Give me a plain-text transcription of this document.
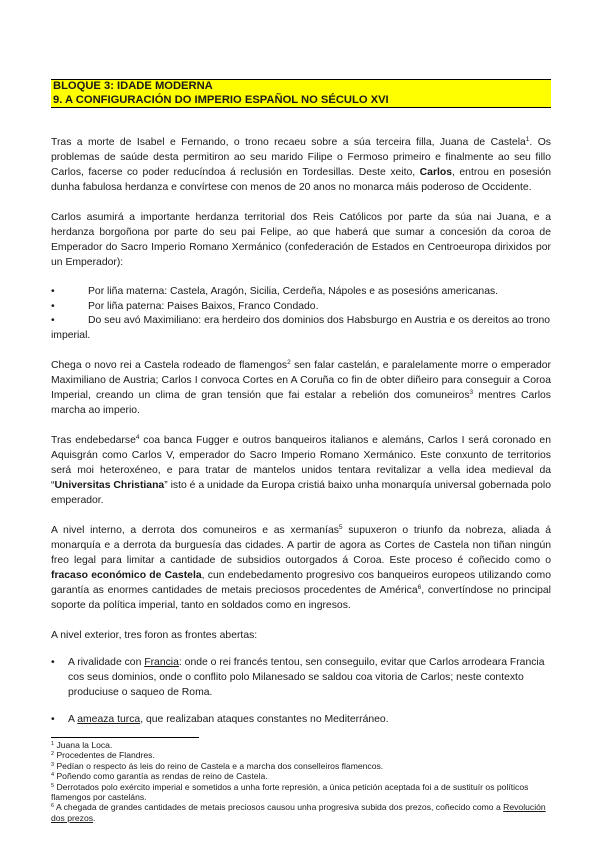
BLOQUE 3: IDADE MODERNA
9. A CONFIGURACIÓN DO IMPERIO ESPAÑOL NO SÉCULO XVI

Tras a morte de Isabel e Fernando, o trono recaeu sobre a súa terceira filla, Juana de Castela$^1$. Os problemas de saúde desta permitiron ao seu marido Filipe o Fermoso primeiro e finalmente ao seu fillo Carlos, facerse co poder reducíndoa á reclusión en Tordesillas. Deste xeito, Carlos, entrou en posesión dunha fabulosa herdanza e convírtese con menos de 20 anos no monarca máis poderoso de Occidente.

Carlos asumirá a importante herdanza territorial dos Reis Católicos por parte da súa nai Juana, e a herdanza borgoñona por parte do seu pai Felipe, ao que haberá que sumar a concesión da coroa de Emperador do Sacro Imperio Romano Xermánico (confederación de Estados en Centroeuropa dirixidos por un Emperador):

•	Por liña materna: Castela, Aragón, Sicilia, Cerdeña, Nápoles e as posesións americanas.
•	Por liña paterna: Paises Baixos, Franco Condado.
•	Do seu avó Maximiliano: era herdeiro dos dominios dos Habsburgo en Austria e os dereitos ao trono imperial.

Chega o novo rei a Castela rodeado de flamengos$^2$ sen falar castelán, e paralelamente morre o emperador Maximiliano de Austria; Carlos I convoca Cortes en A Coruña co fin de obter diñeiro para conseguir a Coroa Imperial, creando un clima de gran tensión que fai estalar a rebelión dos comuneiros$^3$ mentres Carlos marcha ao imperio.

Tras endebedarse$^4$ coa banca Fugger e outros banqueiros italianos e alemáns, Carlos I será coronado en Aquisgrán como Carlos V, emperador do Sacro Imperio Romano Xermánico. Este conxunto de territorios será moi heteroxéneo, e para tratar de mantelos unidos tentara revitalizar a vella idea medieval da “Universitas Christiana” isto é a unidade da Europa cristiá baixo unha monarquía universal gobernada polo emperador.

A nivel interno, a derrota dos comuneiros e as xermanías$^5$ supuxeron o triunfo da nobreza, aliada á monarquía e a derrota da burguesía das cidades. A partir de agora as Cortes de Castela non tiñan ningún freo legal para limitar a cantidade de subsidios outorgados á Coroa. Este proceso é coñecido como o fracaso económico de Castela, cun endebedamento progresivo cos banqueiros europeos utilizando como garantía as enormes cantidades de metais preciosos procedentes de América$^6$, convertíndose no principal soporte da política imperial, tanto en soldados como en ingresos.

A nivel exterior, tres foron as frontes abertas:

•	A rivalidade con Francia: onde o rei francés tentou, sen conseguilo, evitar que Carlos arrodeara Francia cos seus dominios, onde o conflito polo Milanesado se saldou coa vitoria de Carlos; neste contexto produciuse o saqueo de Roma.
•	A ameaza turca, que realizaban ataques constantes no Mediterráneo.
$^1$ Juana la Loca.
$^2$ Procedentes de Flandres.
$^3$ Pedían o respecto ás leis do reino de Castela e a marcha dos conselleiros flamencos.
$^4$ Poñendo como garantía as rendas de reino de Castela.
$^5$ Derrotados polo exército imperial e sometidos a unha forte represión, a única petición aceptada foi a de sustituír os políticos flamengos por casteláns.
$^6$ A chegada de grandes cantidades de metais preciosos causou unha progresiva subida dos prezos, coñecido como a Revolución dos prezos.
